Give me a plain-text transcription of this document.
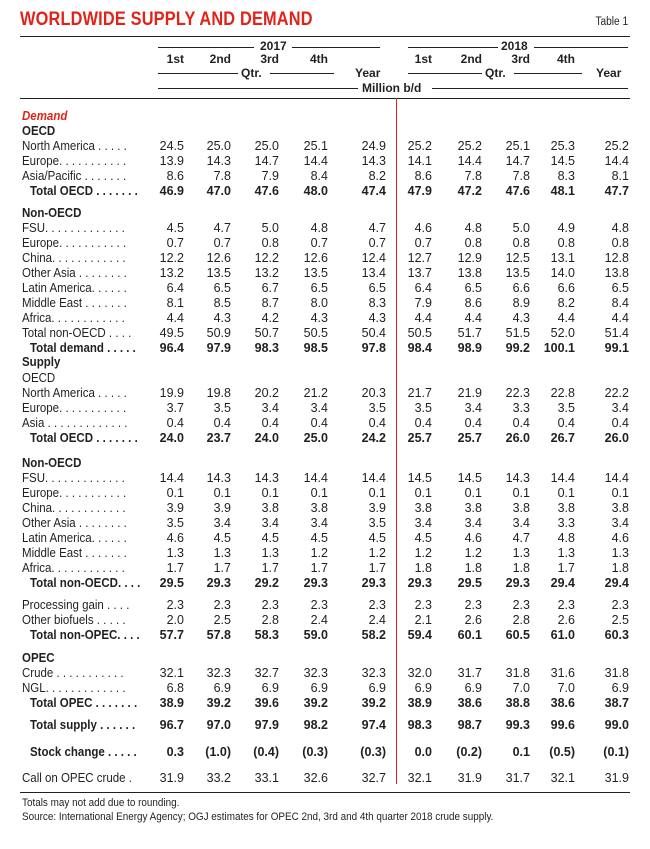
WORLDWIDE SUPPLY AND DEMAND	Table 1
2017	2018
1st	2nd	3rd	4th	1st	2nd	3rd	4th
Qtr.	Year	Qtr.	Year
Million b/d
Demand
OECD
North America . . . . .	24.5	25.0	25.0	25.1	24.9	25.2	25.2	25.1	25.3	25.2
Europe. . . . . . . . . . .	13.9	14.3	14.7	14.4	14.3	14.1	14.4	14.7	14.5	14.4
Asia/Pacific . . . . . . .	8.6	7.8	7.9	8.4	8.2	8.6	7.8	7.8	8.3	8.1
Total OECD . . . . . . .	46.9	47.0	47.6	48.0	47.4	47.9	47.2	47.6	48.1	47.7
Non-OECD
FSU. . . . . . . . . . . . .	4.5	4.7	5.0	4.8	4.7	4.6	4.8	5.0	4.9	4.8
Europe. . . . . . . . . . .	0.7	0.7	0.8	0.7	0.7	0.7	0.8	0.8	0.8	0.8
China. . . . . . . . . . . .	12.2	12.6	12.2	12.6	12.4	12.7	12.9	12.5	13.1	12.8
Other Asia . . . . . . . .	13.2	13.5	13.2	13.5	13.4	13.7	13.8	13.5	14.0	13.8
Latin America. . . . . .	6.4	6.5	6.7	6.5	6.5	6.4	6.5	6.6	6.6	6.5
Middle East . . . . . . .	8.1	8.5	8.7	8.0	8.3	7.9	8.6	8.9	8.2	8.4
Africa. . . . . . . . . . . .	4.4	4.3	4.2	4.3	4.3	4.4	4.4	4.3	4.4	4.4
Total non-OECD . . . .	49.5	50.9	50.7	50.5	50.4	50.5	51.7	51.5	52.0	51.4
Total demand . . . . .	96.4	97.9	98.3	98.5	97.8	98.4	98.9	99.2	100.1	99.1
Supply
OECD
North America . . . . .	19.9	19.8	20.2	21.2	20.3	21.7	21.9	22.3	22.8	22.2
Europe. . . . . . . . . . .	3.7	3.5	3.4	3.4	3.5	3.5	3.4	3.3	3.5	3.4
Asia . . . . . . . . . . . . .	0.4	0.4	0.4	0.4	0.4	0.4	0.4	0.4	0.4	0.4
Total OECD . . . . . . .	24.0	23.7	24.0	25.0	24.2	25.7	25.7	26.0	26.7	26.0
Non-OECD
FSU. . . . . . . . . . . . .	14.4	14.3	14.3	14.4	14.4	14.5	14.5	14.3	14.4	14.4
Europe. . . . . . . . . . .	0.1	0.1	0.1	0.1	0.1	0.1	0.1	0.1	0.1	0.1
China. . . . . . . . . . . .	3.9	3.9	3.8	3.8	3.9	3.8	3.8	3.8	3.8	3.8
Other Asia . . . . . . . .	3.5	3.4	3.4	3.4	3.5	3.4	3.4	3.4	3.3	3.4
Latin America. . . . . .	4.6	4.5	4.5	4.5	4.5	4.5	4.6	4.7	4.8	4.6
Middle East . . . . . . .	1.3	1.3	1.3	1.2	1.2	1.2	1.2	1.3	1.3	1.3
Africa. . . . . . . . . . . .	1.7	1.7	1.7	1.7	1.7	1.8	1.8	1.8	1.7	1.8
Total non-OECD. . . .	29.5	29.3	29.2	29.3	29.3	29.3	29.5	29.3	29.4	29.4
Processing gain . . . .	2.3	2.3	2.3	2.3	2.3	2.3	2.3	2.3	2.3	2.3
Other biofuels . . . . .	2.0	2.5	2.8	2.4	2.4	2.1	2.6	2.8	2.6	2.5
Total non-OPEC. . . .	57.7	57.8	58.3	59.0	58.2	59.4	60.1	60.5	61.0	60.3
OPEC
Crude . . . . . . . . . . .	32.1	32.3	32.7	32.3	32.3	32.0	31.7	31.8	31.6	31.8
NGL. . . . . . . . . . . . .	6.8	6.9	6.9	6.9	6.9	6.9	6.9	7.0	7.0	6.9
Total OPEC . . . . . . .	38.9	39.2	39.6	39.2	39.2	38.9	38.6	38.8	38.6	38.7
Total supply . . . . . .	96.7	97.0	97.9	98.2	97.4	98.3	98.7	99.3	99.6	99.0
Stock change . . . . .	0.3	(1.0)	(0.4)	(0.3)	(0.3)	0.0	(0.2)	0.1	(0.5)	(0.1)
Call on OPEC crude .	31.9	33.2	33.1	32.6	32.7	32.1	31.9	31.7	32.1	31.9
Totals may not add due to rounding.
Source: International Energy Agency; OGJ estimates for OPEC 2nd, 3rd and 4th quarter 2018 crude supply.
